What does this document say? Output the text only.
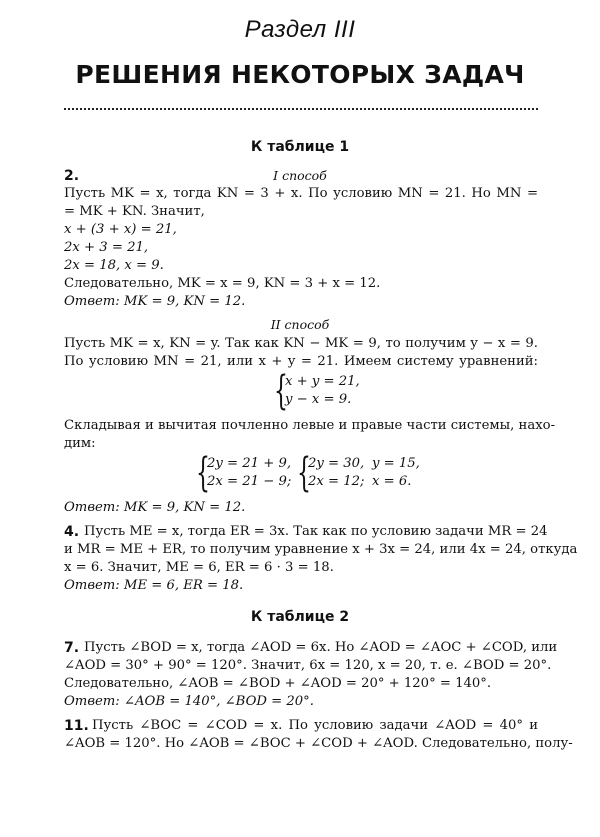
Раздел III
РЕШЕНИЯ НЕКОТОРЫХ ЗАДАЧ
К таблице 1
2.	I способ
Пусть MK = x, тогда KN = 3 + x. По условию MN = 21. Но MN =
= MK + KN. Значит,
x + (3 + x) = 21,
2x + 3 = 21,
2x = 18, x = 9.
Следовательно, MK = x = 9, KN = 3 + x = 12.
Ответ: MK = 9, KN = 12.
II способ
Пусть MK = x, KN = y. Так как KN − MK = 9, то получим y − x = 9.
По условию MN = 21, или x + y = 21. Имеем систему уравнений:
{
x + y = 21,
y − x = 9.
Складывая и вычитая почленно левые и правые части системы, нахо-
дим:
{
2y = 21 + 9,
2x = 21 − 9; {
2y = 30,
2x = 12;
y = 15,
x = 6.
Ответ: MK = 9, KN = 12.
4. Пусть ME = x, тогда ER = 3x. Так как по условию задачи MR = 24
и MR = ME + ER, то получим уравнение x + 3x = 24, или 4x = 24, откуда
x = 6. Значит, ME = 6, ER = 6 · 3 = 18.
Ответ: ME = 6, ER = 18.
К таблице 2
7. Пусть ∠BOD = x, тогда ∠AOD = 6x. Но ∠AOD = ∠AOC + ∠COD, или
∠AOD = 30° + 90° = 120°. Значит, 6x = 120, x = 20, т. е. ∠BOD = 20°.
Следовательно, ∠AOB = ∠BOD + ∠AOD = 20° + 120° = 140°.
Ответ: ∠AOB = 140°, ∠BOD = 20°.
11. Пусть ∠BOC = ∠COD = x. По условию задачи ∠AOD = 40° и
∠AOB = 120°. Но ∠AOB = ∠BOC + ∠COD + ∠AOD. Следовательно, полу-
